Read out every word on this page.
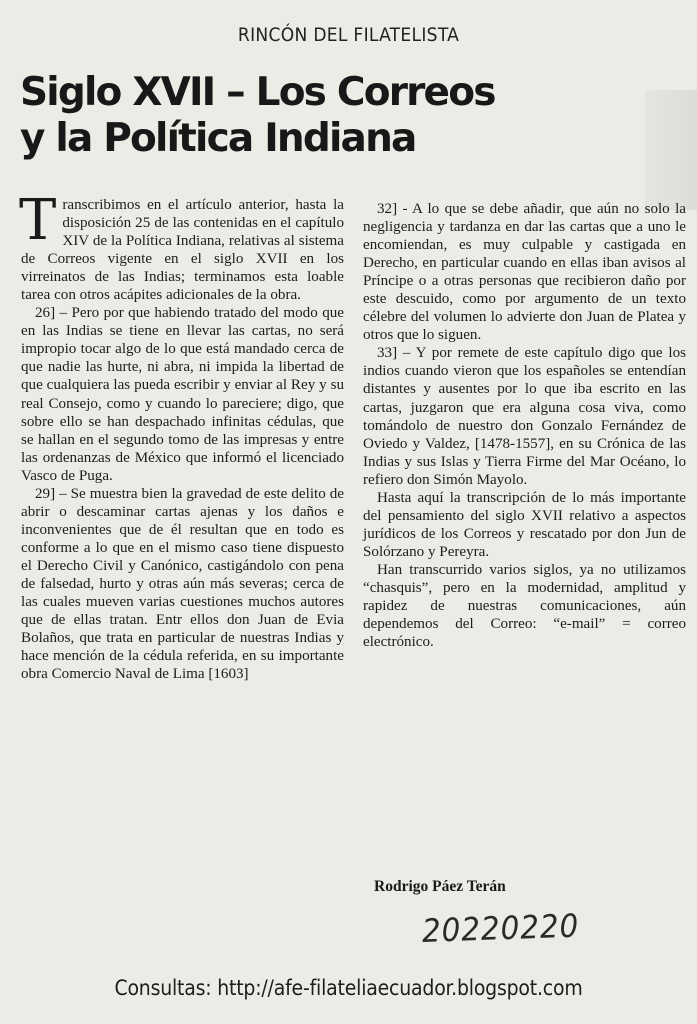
RINCÓN DEL FILATELISTA
Siglo XVII – Los Correos
y la Política Indiana

Transcribimos en el artículo anterior, hasta la disposición 25 de las contenidas en el capítulo XIV de la Política Indiana, relativas al sistema de Correos vigente en el siglo XVII en los virreinatos de las Indias; terminamos esta loable tarea con otros acápites adicionales de la obra.

26] – Pero por que habiendo tratado del modo que en las Indias se tiene en llevar las cartas, no será impropio tocar algo de lo que está mandado cerca de que nadie las hurte, ni abra, ni impida la libertad de que cualquiera las pueda escribir y enviar al Rey y su real Consejo, como y cuando lo pareciere; digo, que sobre ello se han despachado infinitas cédulas, que se hallan en el segundo tomo de las impresas y entre las ordenanzas de México que informó el licenciado Vasco de Puga.

29] – Se muestra bien la gravedad de este delito de abrir o descaminar cartas ajenas y los daños e inconvenientes que de él resultan que en todo es conforme a lo que en el mismo caso tiene dispuesto el Derecho Civil y Canónico, castigándolo con pena de falsedad, hurto y otras aún más severas; cerca de las cuales mueven varias cuestiones muchos autores que de ellas tratan. Entr ellos don Juan de Evia Bolaños, que trata en particular de nuestras Indias y hace mención de la cédula referida, en su importante obra Comercio Naval de Lima [1603]

32] - A lo que se debe añadir, que aún no solo la negligencia y tardanza en dar las cartas que a uno le encomiendan, es muy culpable y castigada en Derecho, en particular cuando en ellas iban avisos al Príncipe o a otras personas que recibieron daño por este descuido, como por argumento de un texto célebre del volumen lo advierte don Juan de Platea y otros que lo siguen.

33] – Y por remete de este capítulo digo que los indios cuando vieron que los españoles se entendían distantes y ausentes por lo que iba escrito en las cartas, juzgaron que era alguna cosa viva, como tomándolo de nuestro don Gonzalo Fernández de Oviedo y Valdez, [1478-1557], en su Crónica de las Indias y sus Islas y Tierra Firme del Mar Océano, lo refiero don Simón Mayolo.

Hasta aquí la transcripción de lo más importante del pensamiento del siglo XVII relativo a aspectos jurídicos de los Correos y rescatado por don Jun de Solórzano y Pereyra.

Han transcurrido varios siglos, ya no utilizamos “chasquis”, pero en la modernidad, amplitud y rapidez de nuestras comunicaciones, aún dependemos del Correo: “e-mail” = correo electrónico.

Rodrigo Páez Terán
20220220
Consultas: http://afe-filateliaecuador.blogspot.com
